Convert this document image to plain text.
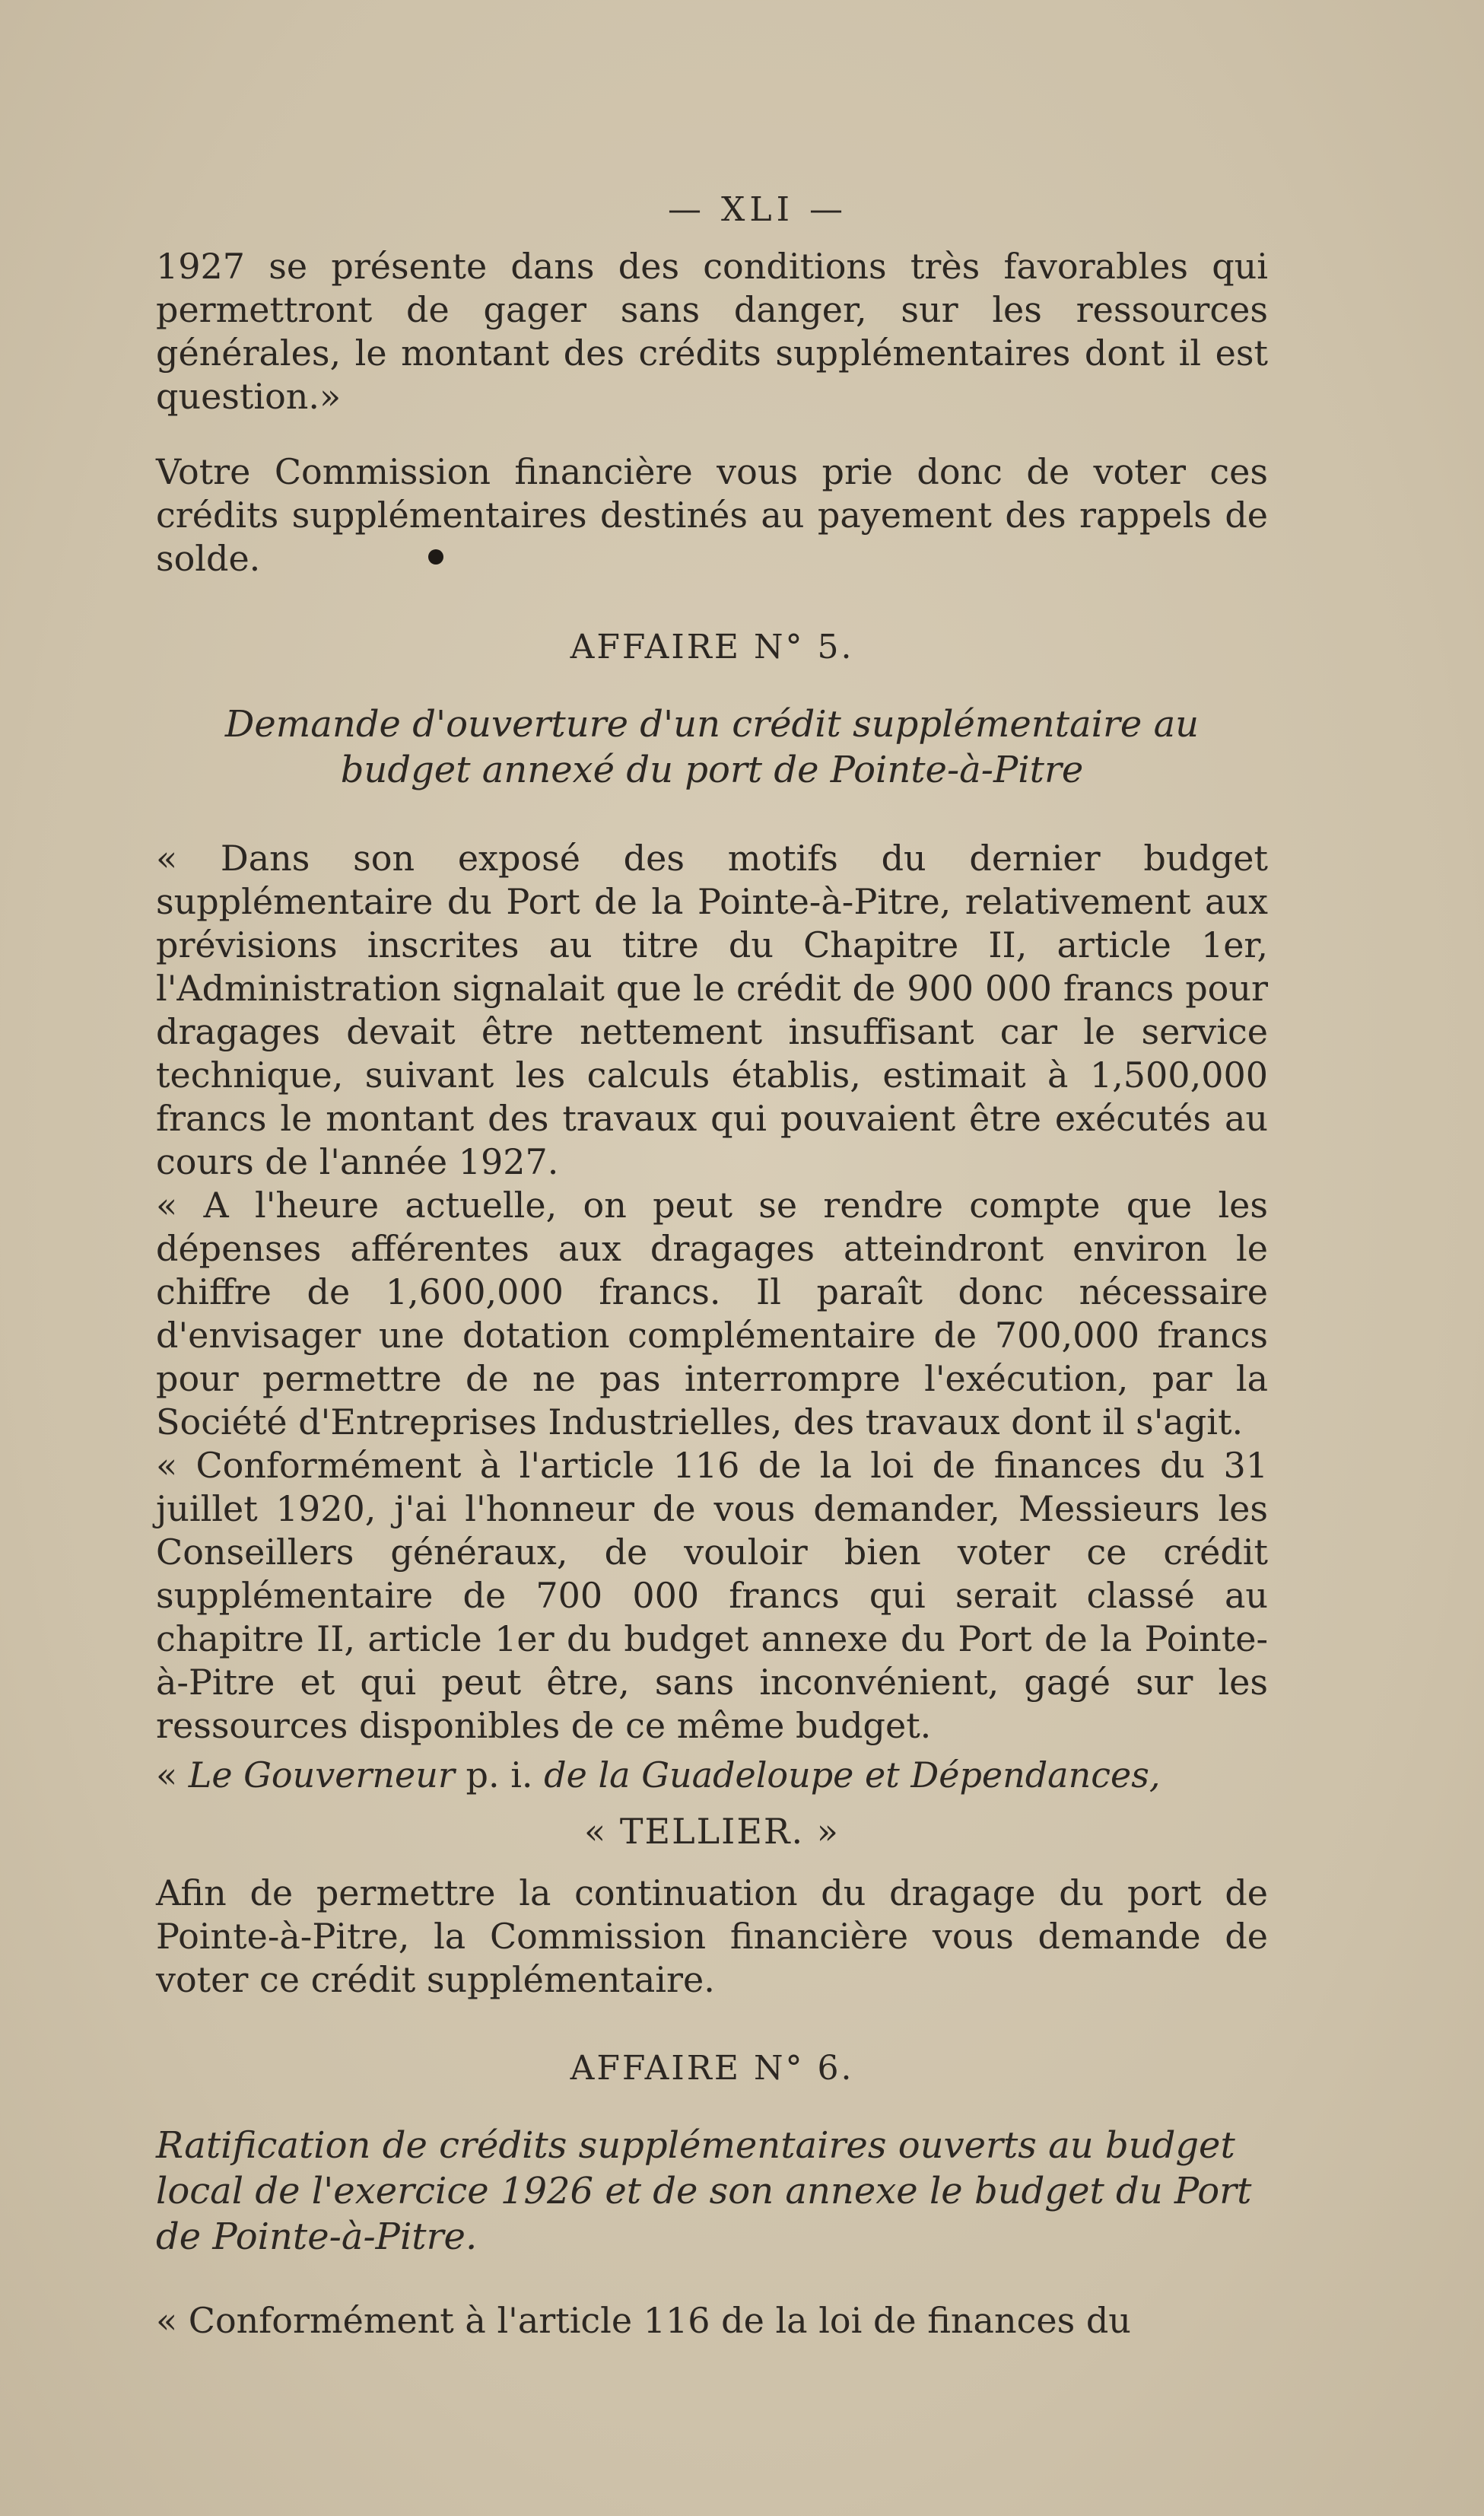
— XLI —

1927 se présente dans des conditions très favorables qui permettront de gager sans danger, sur les ressources générales, le montant des crédits supplémentaires dont il est question.»

Votre Commission financière vous prie donc de voter ces crédits supplémentaires destinés au payement des rappels de solde.

AFFAIRE N° 5.
Demande d'ouverture d'un crédit supplémentaire au budget annexé du port de Pointe-à-Pitre

« Dans son exposé des motifs du dernier budget supplémentaire du Port de la Pointe-à-Pitre, relativement aux prévisions inscrites au titre du Chapitre II, article 1er, l'Administration signalait que le crédit de 900 000 francs pour dragages devait être nettement insuffisant car le service technique, suivant les calculs établis, estimait à 1,500,000 francs le montant des travaux qui pouvaient être exécutés au cours de l'année 1927.

« A l'heure actuelle, on peut se rendre compte que les dépenses afférentes aux dragages atteindront environ le chiffre de 1,600,000 francs. Il paraît donc nécessaire d'envisager une dotation complémentaire de 700,000 francs pour permettre de ne pas interrompre l'exécution, par la Société d'Entreprises Industrielles, des travaux dont il s'agit.

« Conformément à l'article 116 de la loi de finances du 31 juillet 1920, j'ai l'honneur de vous demander, Messieurs les Conseillers généraux, de vouloir bien voter ce crédit supplémentaire de 700 000 francs qui serait classé au chapitre II, article 1er du budget annexe du Port de la Pointe-à-Pitre et qui peut être, sans inconvénient, gagé sur les ressources disponibles de ce même budget.

« Le Gouverneur p. i. de la Guadeloupe et Dépendances,

« TELLIER. »

Afin de permettre la continuation du dragage du port de Pointe-à-Pitre, la Commission financière vous demande de voter ce crédit supplémentaire.

AFFAIRE N° 6.
Ratification de crédits supplémentaires ouverts au budget local de l'exercice 1926 et de son annexe le budget du Port de Pointe-à-Pitre.

« Conformément à l'article 116 de la loi de finances du
